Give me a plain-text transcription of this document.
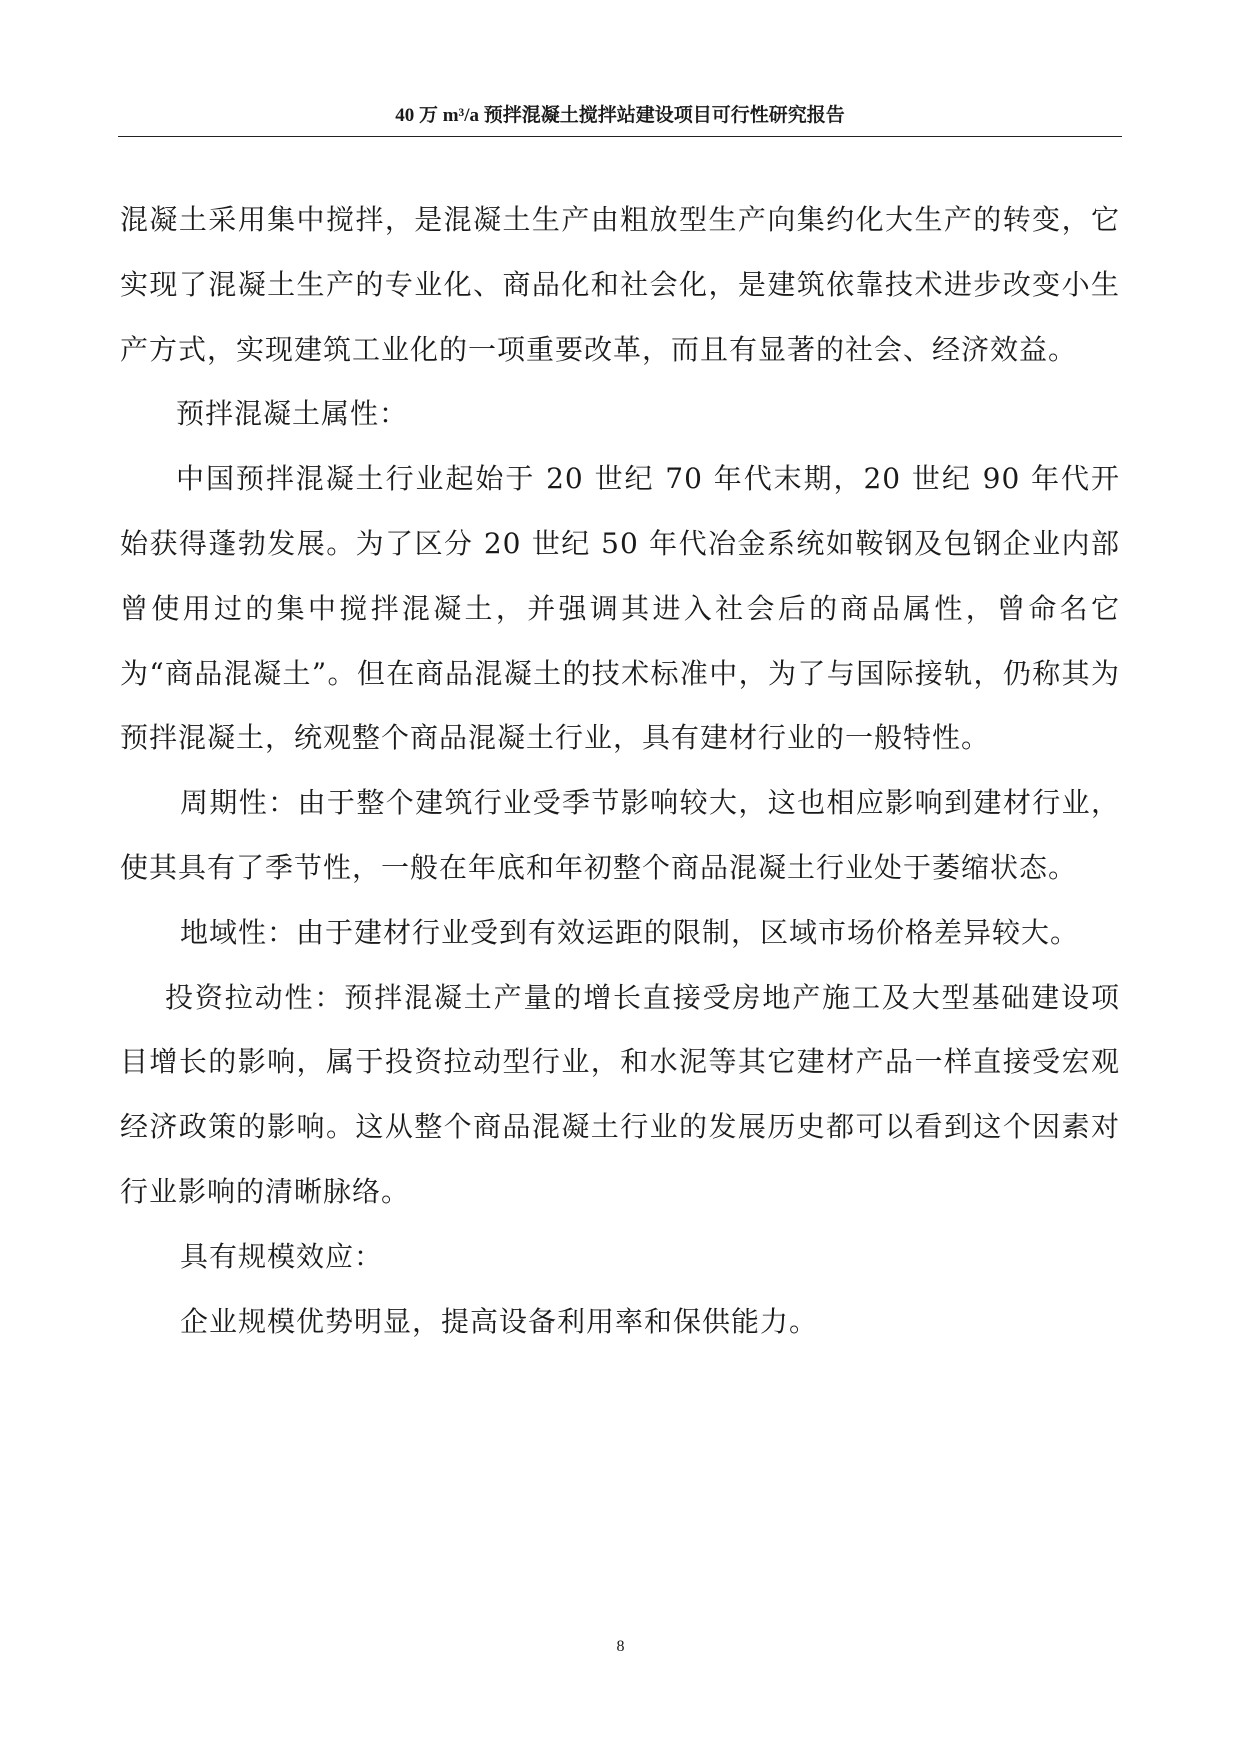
40 万 m³/a 预拌混凝土搅拌站建设项目可行性研究报告

混凝土采用集中搅拌，是混凝土生产由粗放型生产向集约化大生产的转变，它实现了混凝土生产的专业化、商品化和社会化，是建筑依靠技术进步改变小生产方式，实现建筑工业化的一项重要改革，而且有显著的社会、经济效益。

预拌混凝土属性：

中国预拌混凝土行业起始于 20 世纪 70 年代末期，20 世纪 90 年代开始获得蓬勃发展。为了区分 20 世纪 50 年代冶金系统如鞍钢及包钢企业内部曾使用过的集中搅拌混凝土，并强调其进入社会后的商品属性，曾命名它为“商品混凝土”。但在商品混凝土的技术标准中，为了与国际接轨，仍称其为预拌混凝土，统观整个商品混凝土行业，具有建材行业的一般特性。

周期性：由于整个建筑行业受季节影响较大，这也相应影响到建材行业，使其具有了季节性，一般在年底和年初整个商品混凝土行业处于萎缩状态。

地域性：由于建材行业受到有效运距的限制，区域市场价格差异较大。

投资拉动性：预拌混凝土产量的增长直接受房地产施工及大型基础建设项目增长的影响，属于投资拉动型行业，和水泥等其它建材产品一样直接受宏观经济政策的影响。这从整个商品混凝土行业的发展历史都可以看到这个因素对行业影响的清晰脉络。

具有规模效应：

企业规模优势明显，提高设备利用率和保供能力。

8
